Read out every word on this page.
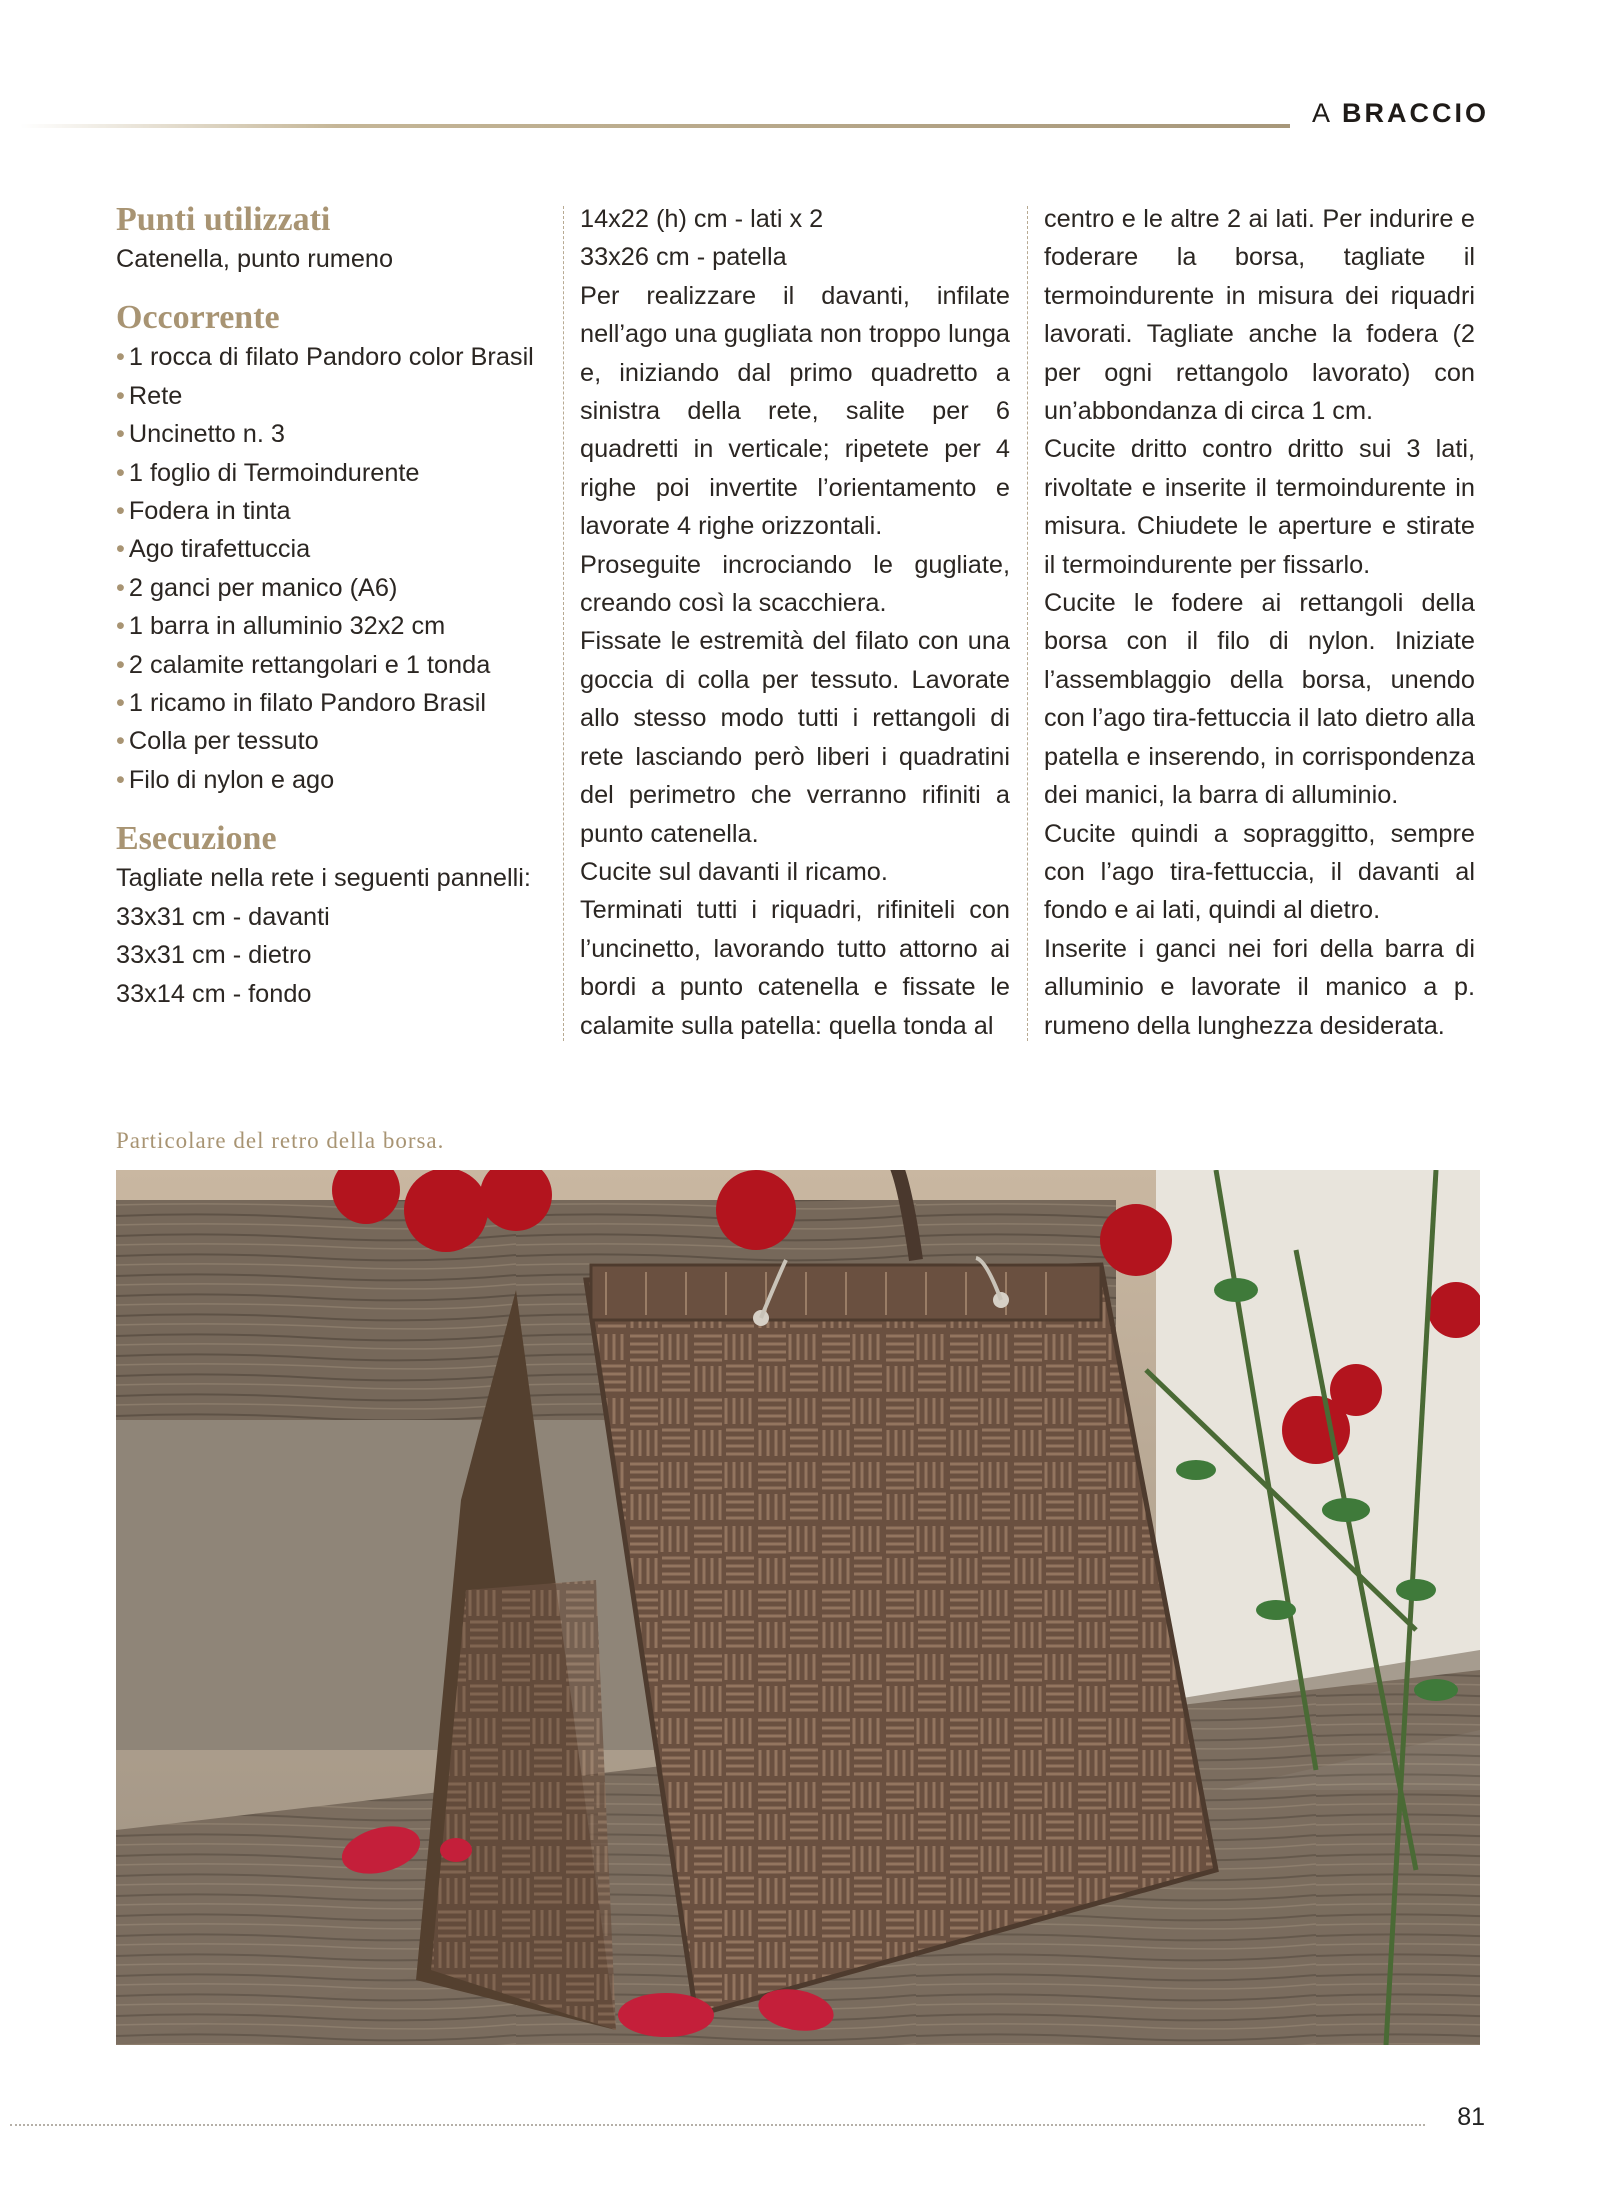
A BRACCIO
Punti utilizzati
Catenella, punto rumeno
Occorrente
• 1 rocca di filato Pandoro color Brasil
• Rete
• Uncinetto n. 3
• 1 foglio di Termoindurente
• Fodera in tinta
• Ago tirafettuccia
• 2 ganci per manico (A6)
• 1 barra in alluminio 32x2 cm
• 2 calamite rettangolari e 1 tonda
• 1 ricamo in filato Pandoro Brasil
• Colla per tessuto
• Filo di nylon e ago
Esecuzione
Tagliate nella rete i seguenti pannelli:
33x31 cm - davanti
33x31 cm - dietro
33x14 cm - fondo
14x22 (h) cm - lati x 2
33x26 cm - patella
Per realizzare il davanti, infilate nell’ago una gugliata non troppo lunga e, iniziando dal primo quadretto a sinistra della rete, salite per 6 quadretti in verticale; ripetete per 4 righe poi invertite l’orientamento e lavorate 4 righe orizzontali.
Proseguite incrociando le gugliate, creando così la scacchiera.
Fissate le estremità del filato con una goccia di colla per tessuto. Lavorate allo stesso modo tutti i rettangoli di rete lasciando però liberi i quadratini del perimetro che verranno rifiniti a punto catenella.
Cucite sul davanti il ricamo.
Terminati tutti i riquadri, rifiniteli con l’uncinetto, lavorando tutto attorno ai bordi a punto catenella e fissate le calamite sulla patella: quella tonda al
centro e le altre 2 ai lati. Per indurire e foderare la borsa, tagliate il termoindurente in misura dei riquadri lavorati. Tagliate anche la fodera (2 per ogni rettangolo lavorato) con un’abbondanza di circa 1 cm.
Cucite dritto contro dritto sui 3 lati, rivoltate e inserite il termoindurente in misura. Chiudete le aperture e stirate il termoindurente per fissarlo.
Cucite le fodere ai rettangoli della borsa con il filo di nylon. Iniziate l’assemblaggio della borsa, unendo con l’ago tira-fettuccia il lato dietro alla patella e inserendo, in corrispondenza dei manici, la barra di alluminio.
Cucite quindi a sopraggitto, sempre con l’ago tira-fettuccia, il davanti al fondo e ai lati, quindi al dietro.
Inserite i ganci nei fori della barra di alluminio e lavorate il manico a p. rumeno della lunghezza desiderata.
Particolare del retro della borsa.
81
